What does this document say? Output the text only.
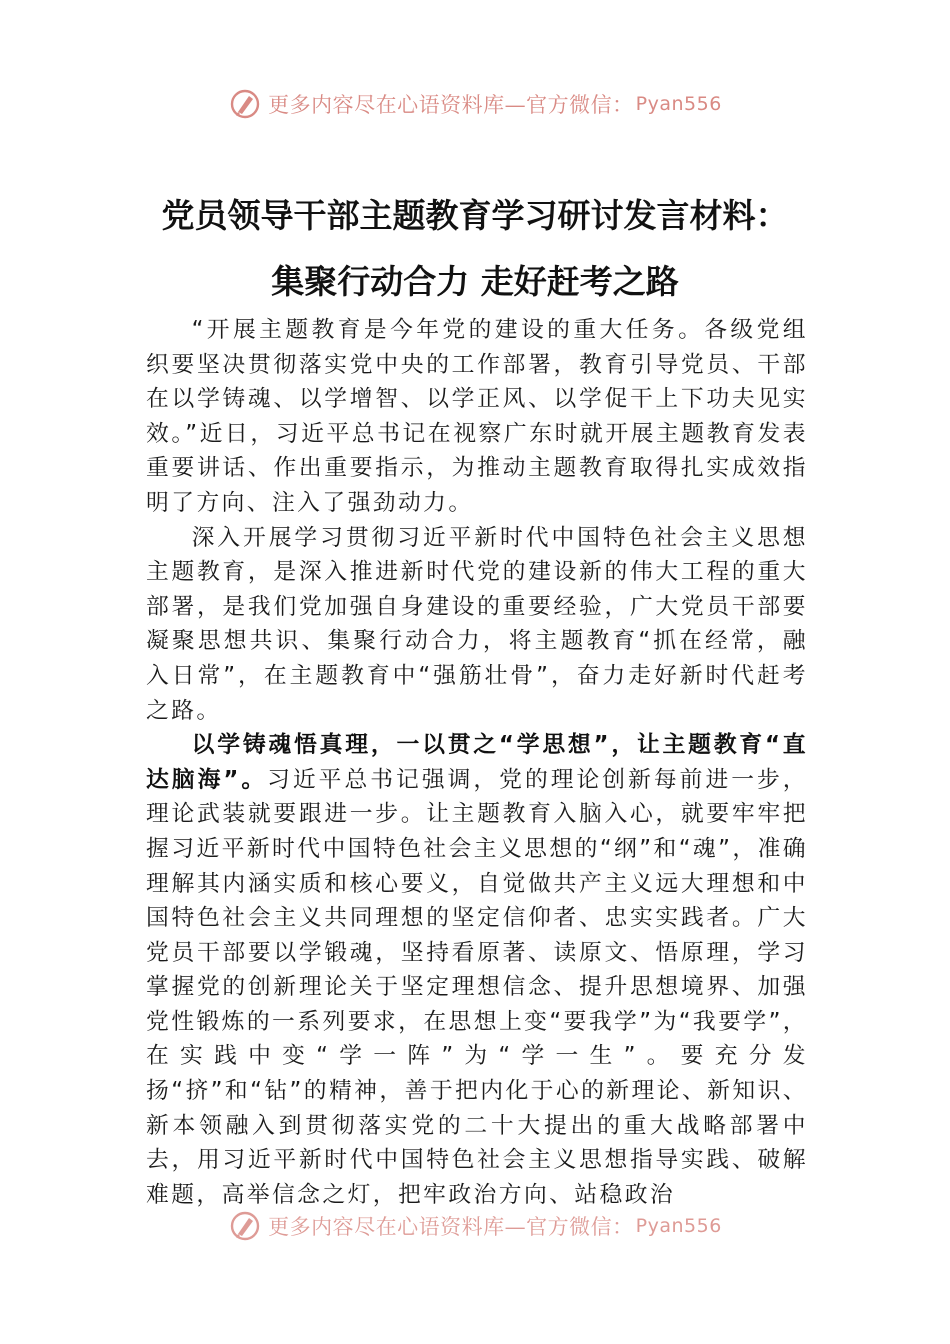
更多内容尽在心语资料库—官方微信： Pyan556
党员领导干部主题教育学习研讨发言材料：
集聚行动合力 走好赶考之路

“开展主题教育是今年党的建设的重大任务。各级党组织要坚决贯彻落实党中央的工作部署，教育引导党员、干部在以学铸魂、以学增智、以学正风、以学促干上下功夫见实效。”近日，习近平总书记在视察广东时就开展主题教育发表重要讲话、作出重要指示，为推动主题教育取得扎实成效指明了方向、注入了强劲动力。

深入开展学习贯彻习近平新时代中国特色社会主义思想主题教育，是深入推进新时代党的建设新的伟大工程的重大部署，是我们党加强自身建设的重要经验，广大党员干部要凝聚思想共识、集聚行动合力，将主题教育“抓在经常，融入日常”，在主题教育中“强筋壮骨”，奋力走好新时代赶考之路。

以学铸魂悟真理，一以贯之“学思想”，让主题教育“直达脑海”。习近平总书记强调，党的理论创新每前进一步，理论武装就要跟进一步。让主题教育入脑入心，就要牢牢把握习近平新时代中国特色社会主义思想的“纲”和“魂”，准确理解其内涵实质和核心要义，自觉做共产主义远大理想和中国特色社会主义共同理想的坚定信仰者、忠实实践者。广大党员干部要以学锻魂，坚持看原著、读原文、悟原理，学习掌握党的创新理论关于坚定理想信念、提升思想境界、加强党性锻炼的一系列要求，在思想上变“要我学”为“我要学”，在实践中变“学一阵”为“学一生”。要充分发扬“挤”和“钻”的精神，善于把内化于心的新理论、新知识、新本领融入到贯彻落实党的二十大提出的重大战略部署中去，用习近平新时代中国特色社会主义思想指导实践、破解难题，高举信念之灯，把牢政治方向、站稳政治

更多内容尽在心语资料库—官方微信： Pyan556
